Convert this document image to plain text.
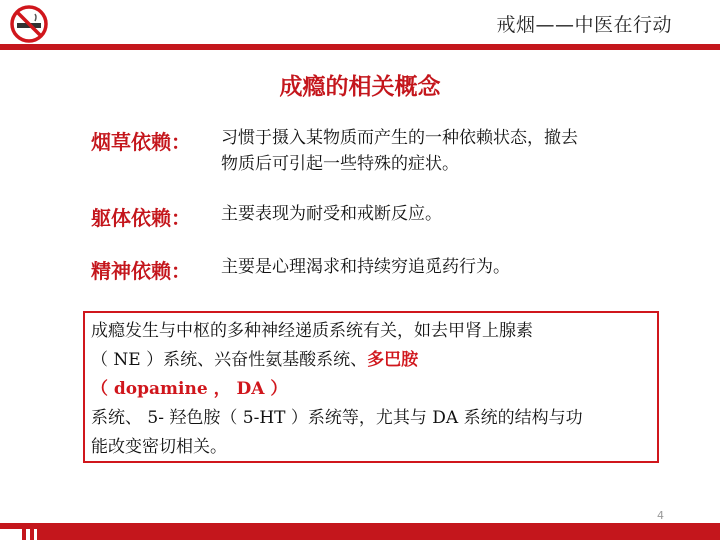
戒烟——中医在行动
成瘾的相关概念
烟草依赖： 习惯于摄入某物质而产生的一种依赖状态，撤去
物质后可引起一些特殊的症状。
躯体依赖： 主要表现为耐受和戒断反应。
精神依赖： 主要是心理渴求和持续穷追觅药行为。
成瘾发生与中枢的多种神经递质系统有关，如去甲肾上腺素
（ NE ）系统、兴奋性氨基酸系统、多巴胺
（ dopamine ， DA ）
系统、 5- 羟色胺（ 5-HT ）系统等，尤其与 DA 系统的结构与功
能改变密切相关。
4
